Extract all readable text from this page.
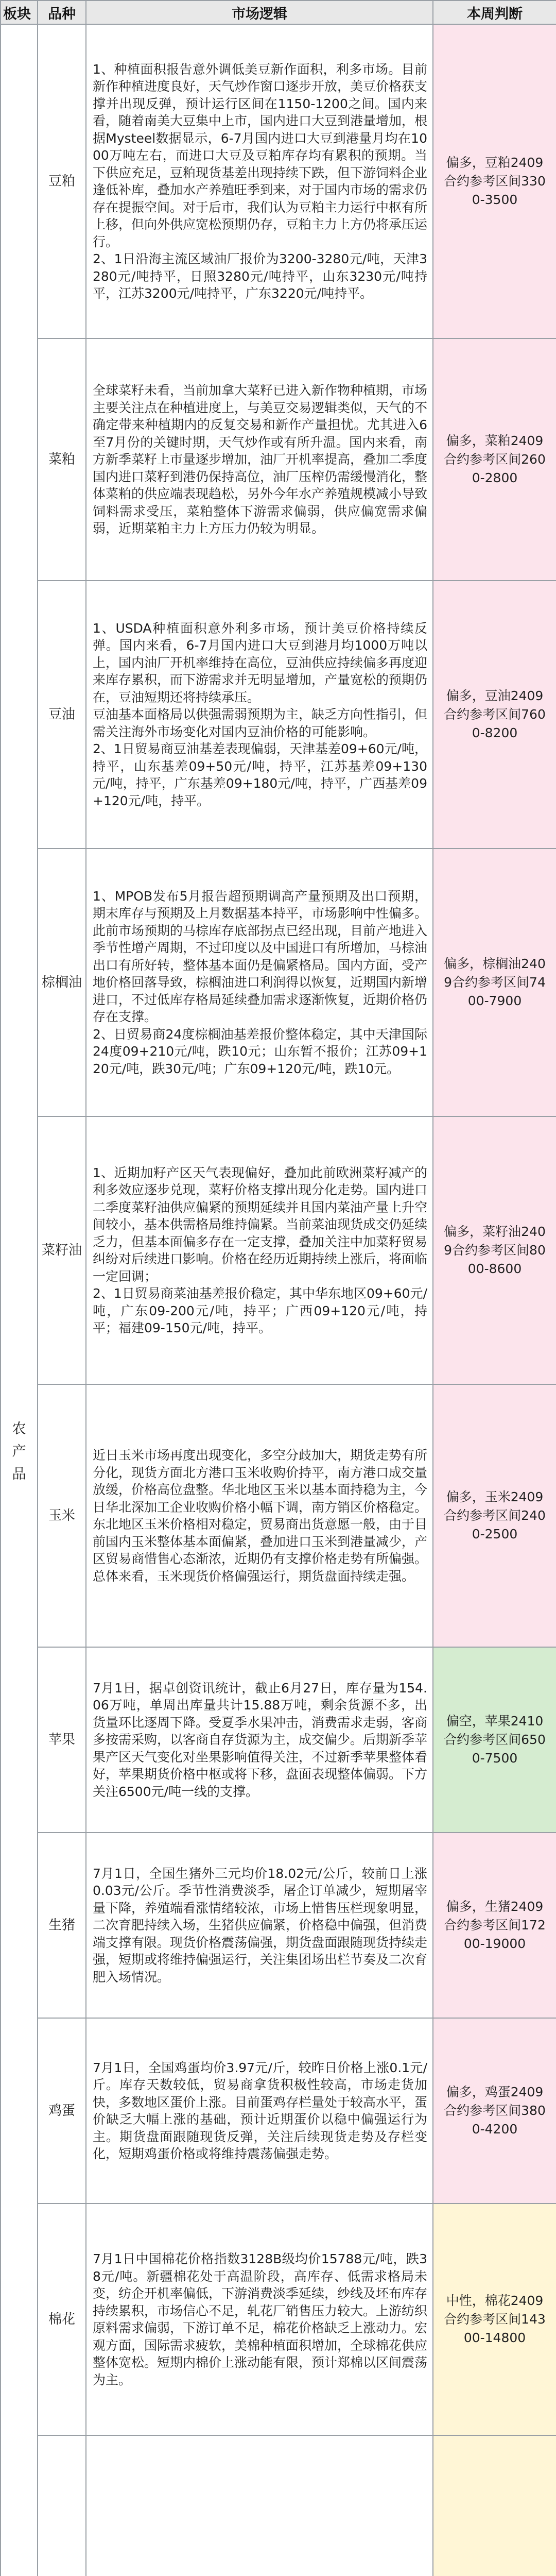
板块	品种	市场逻辑	本周判断
农产品	豆粕	1、种植面积报告意外调低美豆新作面积，利多市场。目前新作种植进度良好，天气炒作窗口逐步开放，美豆价格获支撑并出现反弹，预计运行区间在1150-1200之间。国内来看，随着南美大豆集中上市，国内进口大豆到港量增加，根据Mysteel数据显示，6-7月国内进口大豆到港量月均在1000万吨左右，而进口大豆及豆粕库存均有累积的预期。当下供应充足，豆粕现货基差出现持续下跌，但下游饲料企业逢低补库，叠加水产养殖旺季到来，对于国内市场的需求仍存在提振空间。对于后市，我们认为豆粕主力运行中枢有所上移，但向外供应宽松预期仍存，豆粕主力上方仍将承压运行。
2、1日沿海主流区域油厂报价为3200-3280元/吨，天津3280元/吨持平，日照3280元/吨持平，山东3230元/吨持平，江苏3200元/吨持平，广东3220元/吨持平。	偏多，豆粕2409合约参考区间3300-3500
	菜粕	全球菜籽未看，当前加拿大菜籽已进入新作物种植期，市场主要关注点在种植进度上，与美豆交易逻辑类似，天气的不确定带来种植期内的反复交易和新作产量担忧。尤其进入6至7月份的关键时期，天气炒作或有所升温。国内来看，南方新季菜籽上市量逐步增加，油厂开机率提高，叠加二季度国内进口菜籽到港仍保持高位，油厂压榨仍需缓慢消化，整体菜粕的供应端表现趋松，另外今年水产养殖规模减小导致饲料需求受压，菜粕整体下游需求偏弱，供应偏宽需求偏弱，近期菜粕主力上方压力仍较为明显。	偏多，菜粕2409合约参考区间2600-2800
	豆油	1、USDA种植面积意外利多市场，预计美豆价格持续反弹。国内来看，6-7月国内进口大豆到港月均1000万吨以上，国内油厂开机率维持在高位，豆油供应持续偏多再度迎来库存累积，而下游需求并无明显增加，产量宽松的预期仍在，豆油短期还将持续承压。
豆油基本面格局以供强需弱预期为主，缺乏方向性指引，但需关注海外市场变化对国内豆油价格的可能影响。
2、1日贸易商豆油基差表现偏弱，天津基差09+60元/吨，持平，山东基差09+50元/吨，持平，江苏基差09+130元/吨，持平，广东基差09+180元/吨，持平，广西基差09+120元/吨，持平。	偏多，豆油2409合约参考区间7600-8200
	棕榈油	1、MPOB发布5月报告超预期调高产量预期及出口预期，期末库存与预期及上月数据基本持平，市场影响中性偏多。此前市场预期的马棕库存底部拐点已经出现，目前产地进入季节性增产周期，不过印度以及中国进口有所增加，马棕油出口有所好转，整体基本面仍是偏紧格局。国内方面，受产地价格回落导致，棕榈油进口利润得以恢复，近期国内新增进口，不过低库存格局延续叠加需求逐渐恢复，近期价格仍存在支撑。
2、日贸易商24度棕榈油基差报价整体稳定，其中天津国际24度09+210元/吨，跌10元；山东暂不报价；江苏09+120元/吨，跌30元/吨；广东09+120元/吨，跌10元。	偏多，棕榈油2409合约参考区间7400-7900
	菜籽油	1、近期加籽产区天气表现偏好，叠加此前欧洲菜籽减产的利多效应逐步兑现，菜籽价格支撑出现分化走势。国内进口二季度菜籽油供应偏紧的预期延续并且国内菜油产量上升空间较小，基本供需格局维持偏紧。当前菜油现货成交仍延续乏力，但基本面偏多存在一定支撑，叠加关注中加菜籽贸易纠纷对后续进口影响。价格在经历近期持续上涨后，将面临一定回调；
2、1日贸易商菜油基差报价稳定，其中华东地区09+60元/吨，广东09-200元/吨，持平；广西09+120元/吨，持平；福建09-150元/吨，持平。	偏多，菜籽油2409合约参考区间8000-8600
	玉米	近日玉米市场再度出现变化，多空分歧加大，期货走势有所分化，现货方面北方港口玉米收购价持平，南方港口成交量放缓，价格高位盘整。华北地区玉米以基本面持稳为主，今日华北深加工企业收购价格小幅下调，南方销区价格稳定。东北地区玉米价格相对稳定，贸易商出货意愿一般，由于目前国内玉米整体基本面偏紧，叠加进口玉米到港量减少，产区贸易商惜售心态渐浓，近期仍有支撑价格走势有所偏强。总体来看，玉米现货价格偏强运行，期货盘面持续走强。	偏多，玉米2409合约参考区间2400-2500
	苹果	7月1日，据卓创资讯统计，截止6月27日，库存量为154.06万吨，单周出库量共计15.88万吨，剩余货源不多，出货量环比逐周下降。受夏季水果冲击，消费需求走弱，客商多按需采购，以客商自存货源为主，成交偏少。后期新季苹果产区天气变化对坐果影响值得关注，不过新季苹果整体看好，苹果期货价格中枢或将下移，盘面表现整体偏弱。下方关注6500元/吨一线的支撑。	偏空，苹果2410合约参考区间6500-7500
	生猪	7月1日，全国生猪外三元均价18.02元/公斤，较前日上涨0.03元/公斤。季节性消费淡季，屠企订单减少，短期屠宰量下降，养殖端看涨情绪较浓，市场上惜售压栏现象明显，二次育肥持续入场，生猪供应偏紧，价格稳中偏强，但消费端支撑有限。现货价格震荡偏强，期货盘面跟随现货持续走强，短期或将维持偏强运行，关注集团场出栏节奏及二次育肥入场情况。	偏多，生猪2409合约参考区间17200-19000
	鸡蛋	7月1日，全国鸡蛋均价3.97元/斤，较昨日价格上涨0.1元/斤。库存天数较低，贸易商拿货积极性较高，市场走货加快，多数地区蛋价上涨。目前蛋鸡存栏量处于较高水平，蛋价缺乏大幅上涨的基础，预计近期蛋价以稳中偏强运行为主。期货盘面跟随现货反弹，关注后续现货走势及存栏变化，短期鸡蛋价格或将维持震荡偏强走势。	偏多，鸡蛋2409合约参考区间3800-4200
	棉花	7月1日中国棉花价格指数3128B级均价15788元/吨，跌38元/吨。新疆棉花处于高温阶段，高库存、低需求格局未变，纺企开机率偏低，下游消费淡季延续，纱线及坯布库存持续累积，市场信心不足，轧花厂销售压力较大。上游纺织原料需求偏弱，下游订单不足，棉花价格缺乏上涨动力。宏观方面，国际需求疲软，美棉种植面积增加，全球棉花供应整体宽松。短期内棉价上涨动能有限，预计郑棉以区间震荡为主。	中性，棉花2409合约参考区间14300-14800
